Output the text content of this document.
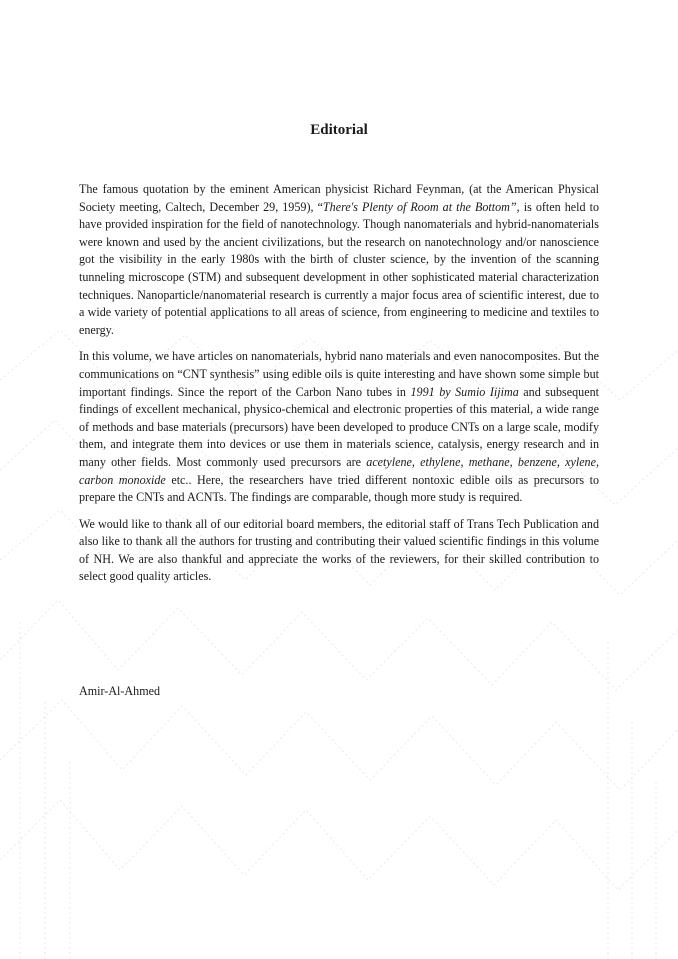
Editorial

The famous quotation by the eminent American physicist Richard Feynman, (at the American Physical Society meeting, Caltech, December 29, 1959), “There's Plenty of Room at the Bottom”, is often held to have provided inspiration for the field of nanotechnology. Though nanomaterials and hybrid-nanomaterials were known and used by the ancient civilizations, but the research on nanotechnology and/or nanoscience got the visibility in the early 1980s with the birth of cluster science, by the invention of the scanning tunneling microscope (STM) and subsequent development in other sophisticated material characterization techniques. Nanoparticle/nanomaterial research is currently a major focus area of scientific interest, due to a wide variety of potential applications to all areas of science, from engineering to medicine and textiles to energy.

In this volume, we have articles on nanomaterials, hybrid nano materials and even nanocomposites. But the communications on “CNT synthesis” using edible oils is quite interesting and have shown some simple but important findings. Since the report of the Carbon Nano tubes in 1991 by Sumio Iijima and subsequent findings of excellent mechanical, physico-chemical and electronic properties of this material, a wide range of methods and base materials (precursors) have been developed to produce CNTs on a large scale, modify them, and integrate them into devices or use them in materials science, catalysis, energy research and in many other fields. Most commonly used precursors are acetylene, ethylene, methane, benzene, xylene, carbon monoxide etc.. Here, the researchers have tried different nontoxic edible oils as precursors to prepare the CNTs and ACNTs. The findings are comparable, though more study is required.

We would like to thank all of our editorial board members, the editorial staff of Trans Tech Publication and also like to thank all the authors for trusting and contributing their valued scientific findings in this volume of NH. We are also thankful and appreciate the works of the reviewers, for their skilled contribution to select good quality articles.

Amir-Al-Ahmed
